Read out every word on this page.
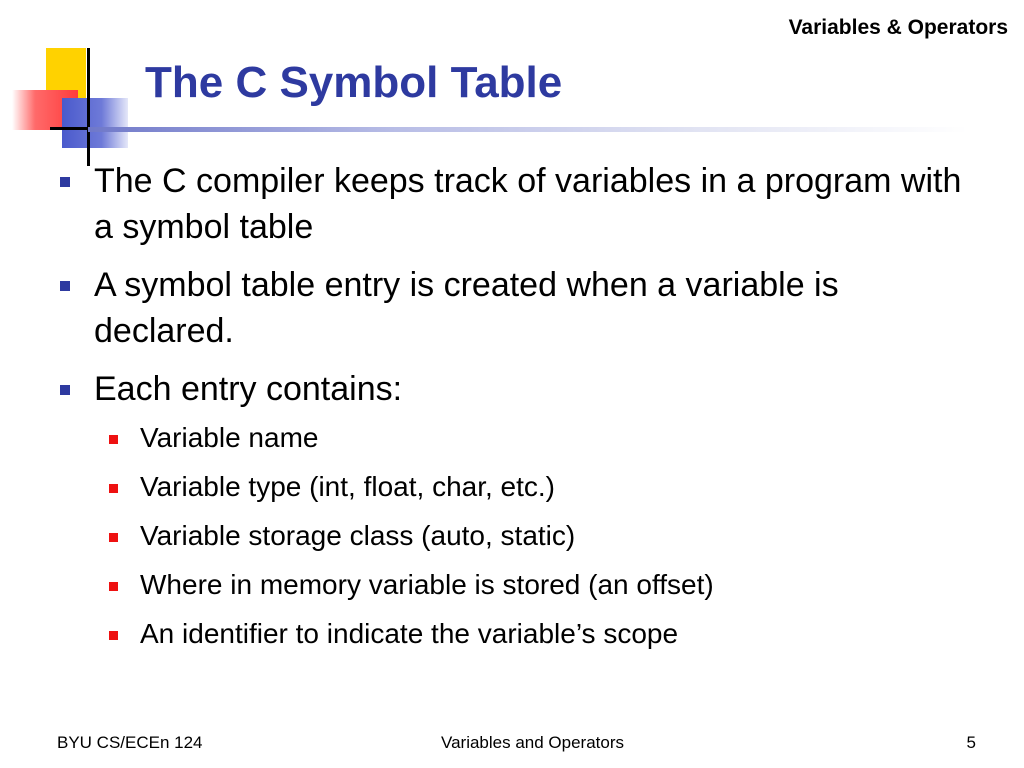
Variables & Operators
The C Symbol Table
The C compiler keeps track of variables in a program with a symbol table
A symbol table entry is created when a variable is declared.
Each entry contains:
Variable name
Variable type (int, float, char, etc.)
Variable storage class (auto, static)
Where in memory variable is stored (an offset)
An identifier to indicate the variable’s scope
BYU CS/ECEn 124	Variables and Operators	5
